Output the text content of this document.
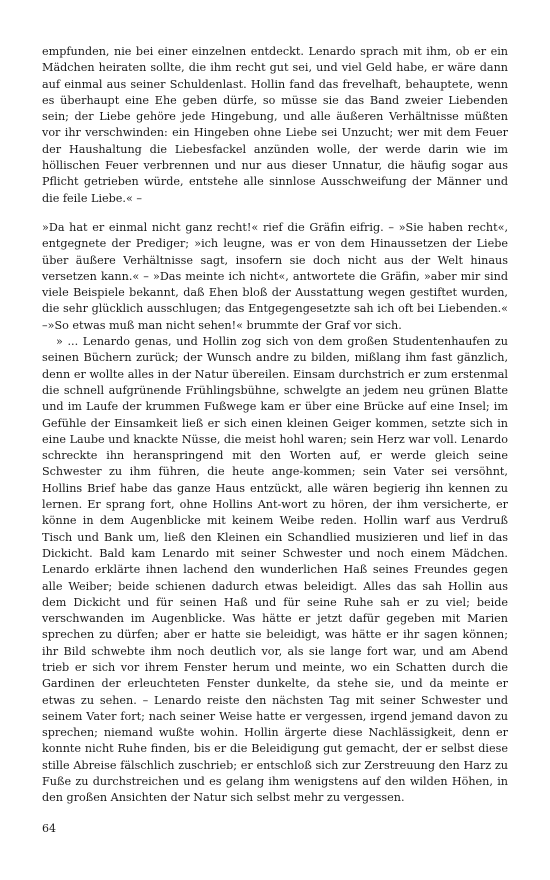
empfunden, nie bei einer einzelnen entdeckt. Lenardo sprach mit ihm, ob er ein Mädchen heiraten sollte, die ihm recht gut sei, und viel Geld habe, er wäre dann auf einmal aus seiner Schuldenlast. Hollin fand das frevelhaft, behauptete, wenn es überhaupt eine Ehe geben dürfe, so müsse sie das Band zweier Liebenden sein; der Liebe gehöre jede Hingebung, und alle äußeren Verhältnisse müßten vor ihr verschwinden: ein Hingeben ohne Liebe sei Unzucht; wer mit dem Feuer der Haushaltung die Liebesfackel anzünden wolle, der werde darin wie im höllischen Feuer verbrennen und nur aus dieser Unnatur, die häufig sogar aus Pflicht getrieben würde, entstehe alle sinnlose Ausschweifung der Männer und die feile Liebe.« –

»Da hat er einmal nicht ganz recht!« rief die Gräfin eifrig. – »Sie haben recht«, entgegnete der Prediger; »ich leugne, was er von dem Hinaussetzen der Liebe über äußere Verhältnisse sagt, insofern sie doch nicht aus der Welt hinaus versetzen kann.« – »Das meinte ich nicht«, antwortete die Gräfin, »aber mir sind viele Beispiele bekannt, daß Ehen bloß der Ausstattung wegen gestiftet wurden, die sehr glücklich ausschlugen; das Entgegengesetzte sah ich oft bei Liebenden.« –»So etwas muß man nicht sehen!« brummte der Graf vor sich.

» ... Lenardo genas, und Hollin zog sich von dem großen Studentenhaufen zu seinen Büchern zurück; der Wunsch andre zu bilden, mißlang ihm fast gänzlich, denn er wollte alles in der Natur übereilen. Einsam durchstrich er zum erstenmal die schnell aufgrünende Frühlingsbühne, schwelgte an jedem neu grünen Blatte und im Laufe der krummen Fußwege kam er über eine Brücke auf eine Insel; im Gefühle der Einsamkeit ließ er sich einen kleinen Geiger kommen, setzte sich in eine Laube und knackte Nüsse, die meist hohl waren; sein Herz war voll. Lenardo schreckte ihn heranspringend mit den Worten auf, er werde gleich seine Schwester zu ihm führen, die heute ange-kommen; sein Vater sei versöhnt, Hollins Brief habe das ganze Haus entzückt, alle wären begierig ihn kennen zu lernen. Er sprang fort, ohne Hollins Ant-wort zu hören, der ihm versicherte, er könne in dem Augenblicke mit keinem Weibe reden. Hollin warf aus Verdruß Tisch und Bank um, ließ den Kleinen ein Schandlied musizieren und lief in das Dickicht. Bald kam Lenardo mit seiner Schwester und noch einem Mädchen. Lenardo erklärte ihnen lachend den wunderlichen Haß seines Freundes gegen alle Weiber; beide schienen dadurch etwas beleidigt. Alles das sah Hollin aus dem Dickicht und für seinen Haß und für seine Ruhe sah er zu viel; beide verschwanden im Augenblicke. Was hätte er jetzt dafür gegeben mit Marien sprechen zu dürfen; aber er hatte sie beleidigt, was hätte er ihr sagen können; ihr Bild schwebte ihm noch deutlich vor, als sie lange fort war, und am Abend trieb er sich vor ihrem Fenster herum und meinte, wo ein Schatten durch die Gardinen der erleuchteten Fenster dunkelte, da stehe sie, und da meinte er etwas zu sehen. – Lenardo reiste den nächsten Tag mit seiner Schwester und seinem Vater fort; nach seiner Weise hatte er vergessen, irgend jemand davon zu sprechen; niemand wußte wohin. Hollin ärgerte diese Nachlässigkeit, denn er konnte nicht Ruhe finden, bis er die Beleidigung gut gemacht, der er selbst diese stille Abreise fälschlich zuschrieb; er entschloß sich zur Zerstreuung den Harz zu Fuße zu durchstreichen und es gelang ihm wenigstens auf den wilden Höhen, in den großen Ansichten der Natur sich selbst mehr zu vergessen.

64
